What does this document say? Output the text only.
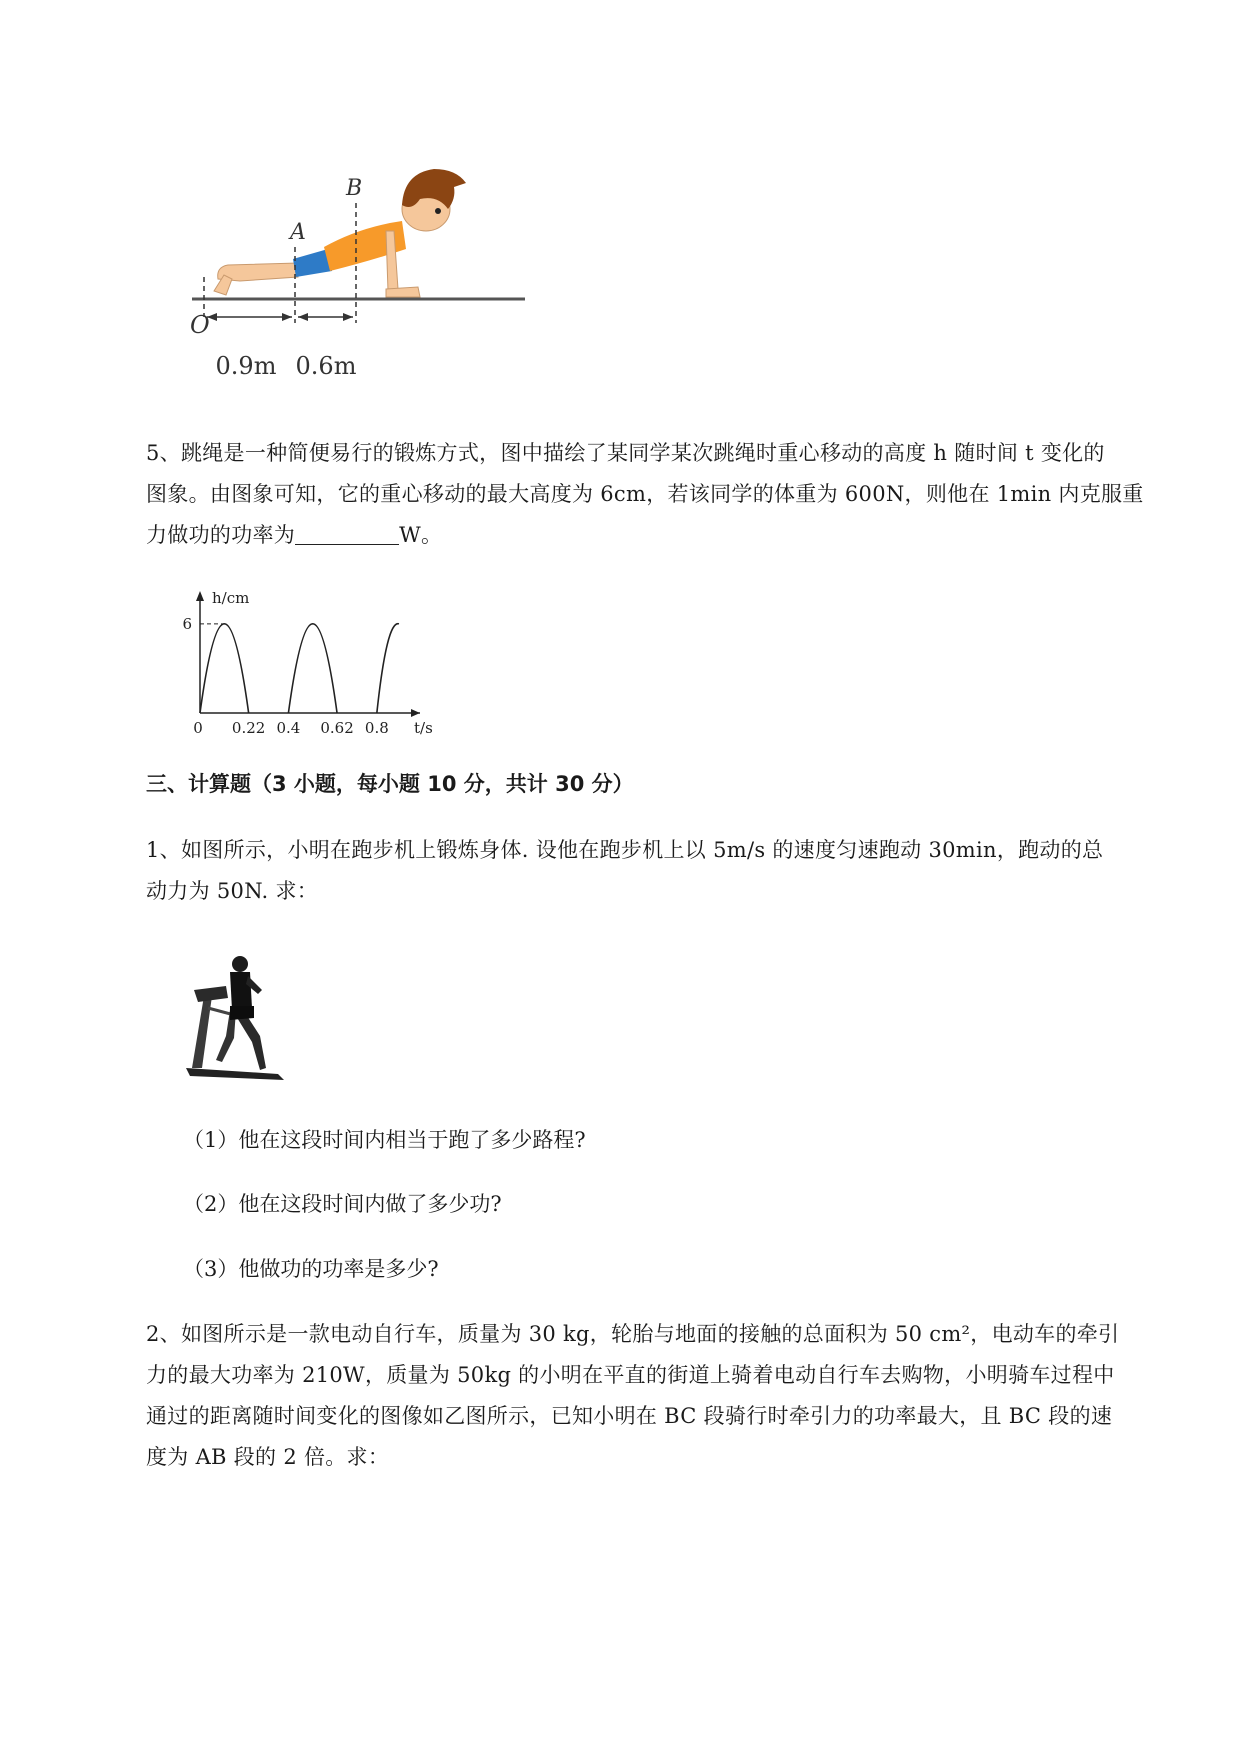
A
B
O
0.9m 0.6m
5、跳绳是一种简便易行的锻炼方式，图中描绘了某同学某次跳绳时重心移动的高度 h 随时间 t 变化的
图象。由图象可知，它的重心移动的最大高度为 6cm，若该同学的体重为 600N，则他在 1min 内克服重
力做功的功率为	W。
h/cm
t/s
0 0.22 0.4 0.62 0.8
6
三、计算题（3 小题，每小题 10 分，共计 30 分）
1、如图所示，小明在跑步机上锻炼身体. 设他在跑步机上以 5m/s 的速度匀速跑动 30min，跑动的总
动力为 50N. 求：
（1）他在这段时间内相当于跑了多少路程?
（2）他在这段时间内做了多少功?
（3）他做功的功率是多少?
2、如图所示是一款电动自行车，质量为 30 kg，轮胎与地面的接触的总面积为 50 cm²，电动车的牵引
力的最大功率为 210W，质量为 50kg 的小明在平直的街道上骑着电动自行车去购物，小明骑车过程中
通过的距离随时间变化的图像如乙图所示，已知小明在 BC 段骑行时牵引力的功率最大，且 BC 段的速
度为 AB 段的 2 倍。求：
